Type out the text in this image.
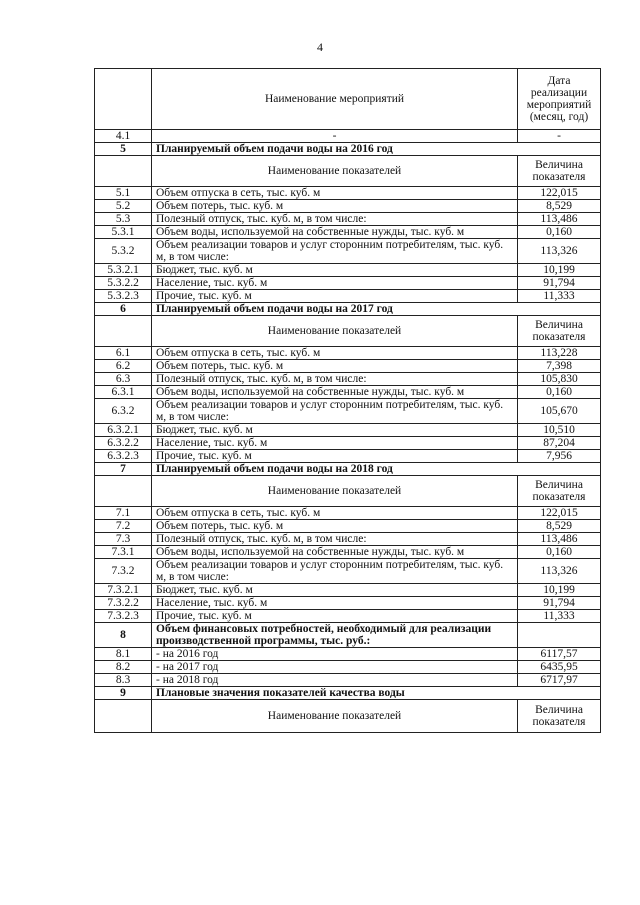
4
	Наименование мероприятий	Дата реализации мероприятий (месяц, год)
4.1	-	-
5	Планируемый объем подачи воды на 2016 год	
	Наименование показателей	Величина показателя
5.1	Объем отпуска в сеть, тыс. куб. м	122,015
5.2	Объем потерь, тыс. куб. м	8,529
5.3	Полезный отпуск, тыс. куб. м, в том числе:	113,486
5.3.1	Объем воды, используемой на собственные нужды, тыс. куб. м	0,160
5.3.2	Объем реализации товаров и услуг сторонним потребителям, тыс. куб. м, в том числе:	113,326
5.3.2.1	Бюджет, тыс. куб. м	10,199
5.3.2.2	Население, тыс. куб. м	91,794
5.3.2.3	Прочие, тыс. куб. м	11,333
6	Планируемый объем подачи воды на 2017 год	
	Наименование показателей	Величина показателя
6.1	Объем отпуска в сеть, тыс. куб. м	113,228
6.2	Объем потерь, тыс. куб. м	7,398
6.3	Полезный отпуск, тыс. куб. м, в том числе:	105,830
6.3.1	Объем воды, используемой на собственные нужды, тыс. куб. м	0,160
6.3.2	Объем реализации товаров и услуг сторонним потребителям, тыс. куб. м, в том числе:	105,670
6.3.2.1	Бюджет, тыс. куб. м	10,510
6.3.2.2	Население, тыс. куб. м	87,204
6.3.2.3	Прочие, тыс. куб. м	7,956
7	Планируемый объем подачи воды на 2018 год	
	Наименование показателей	Величина показателя
7.1	Объем отпуска в сеть, тыс. куб. м	122,015
7.2	Объем потерь, тыс. куб. м	8,529
7.3	Полезный отпуск, тыс. куб. м, в том числе:	113,486
7.3.1	Объем воды, используемой на собственные нужды, тыс. куб. м	0,160
7.3.2	Объем реализации товаров и услуг сторонним потребителям, тыс. куб. м, в том числе:	113,326
7.3.2.1	Бюджет, тыс. куб. м	10,199
7.3.2.2	Население, тыс. куб. м	91,794
7.3.2.3	Прочие, тыс. куб. м	11,333
8	Объем финансовых потребностей, необходимый для реализации производственной программы, тыс. руб.:	
8.1	- на 2016 год	6117,57
8.2	- на 2017 год	6435,95
8.3	- на 2018 год	6717,97
9	Плановые значения показателей качества воды	
	Наименование показателей	Величина показателя
